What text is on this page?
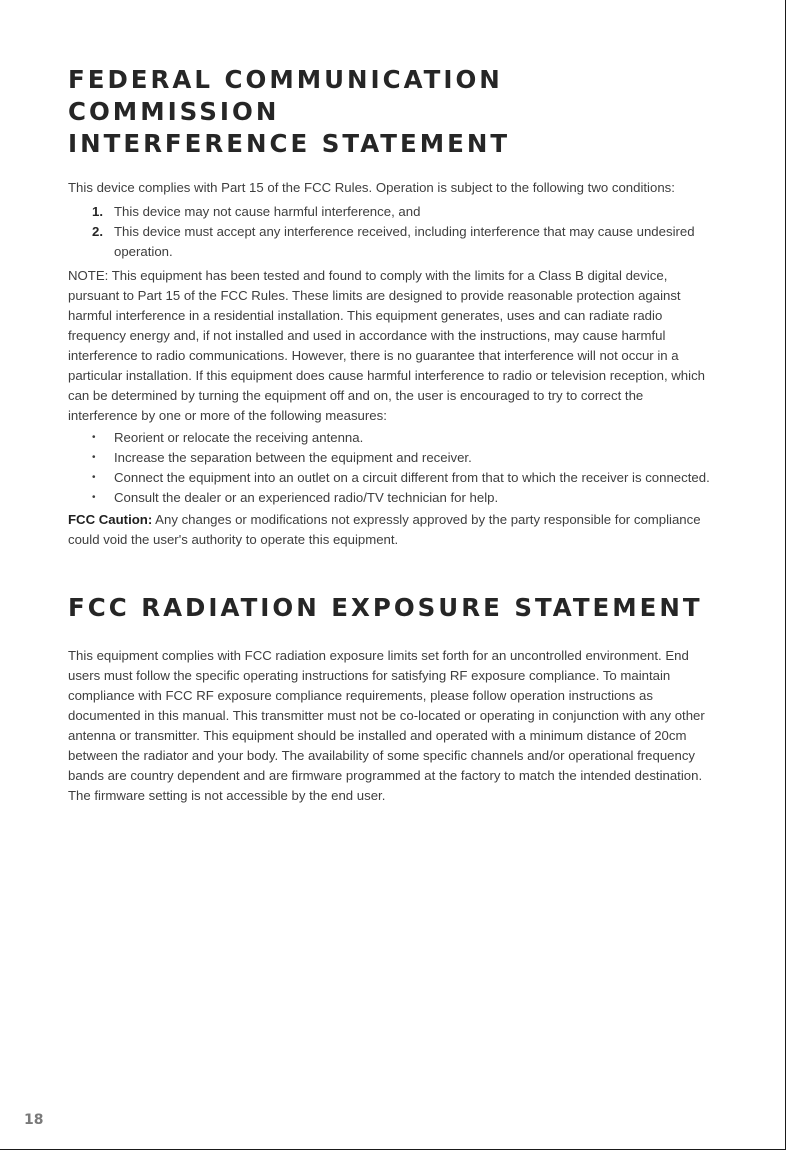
FEDERAL COMMUNICATION COMMISSION
INTERFERENCE STATEMENT

This device complies with Part 15 of the FCC Rules. Operation is subject to the following two conditions:

1. This device may not cause harmful interference, and
2. This device must accept any interference received, including interference that may cause undesired operation.

NOTE: This equipment has been tested and found to comply with the limits for a Class B digital device, pursuant to Part 15 of the FCC Rules. These limits are designed to provide reasonable protection against harmful interference in a residential installation. This equipment generates, uses and can radiate radio frequency energy and, if not installed and used in accordance with the instructions, may cause harmful interference to radio communications. However, there is no guarantee that interference will not occur in a particular installation. If this equipment does cause harmful interference to radio or television reception, which can be determined by turning the equipment off and on, the user is encouraged to try to correct the interference by one or more of the following measures:

•	Reorient or relocate the receiving antenna.
•	Increase the separation between the equipment and receiver.
•	Connect the equipment into an outlet on a circuit different from that to which the receiver is connected.
•	Consult the dealer or an experienced radio/TV technician for help.

FCC Caution: Any changes or modifications not expressly approved by the party responsible for compliance could void the user's authority to operate this equipment.

FCC RADIATION EXPOSURE STATEMENT

This equipment complies with FCC radiation exposure limits set forth for an uncontrolled environment. End users must follow the specific operating instructions for satisfying RF exposure compliance. To maintain compliance with FCC RF exposure compliance requirements, please follow operation instructions as documented in this manual. This transmitter must not be co-located or operating in conjunction with any other antenna or transmitter. This equipment should be installed and operated with a minimum distance of 20cm between the radiator and your body. The availability of some specific channels and/or operational frequency bands are country dependent and are firmware programmed at the factory to match the intended destination. The firmware setting is not accessible by the end user.

18
